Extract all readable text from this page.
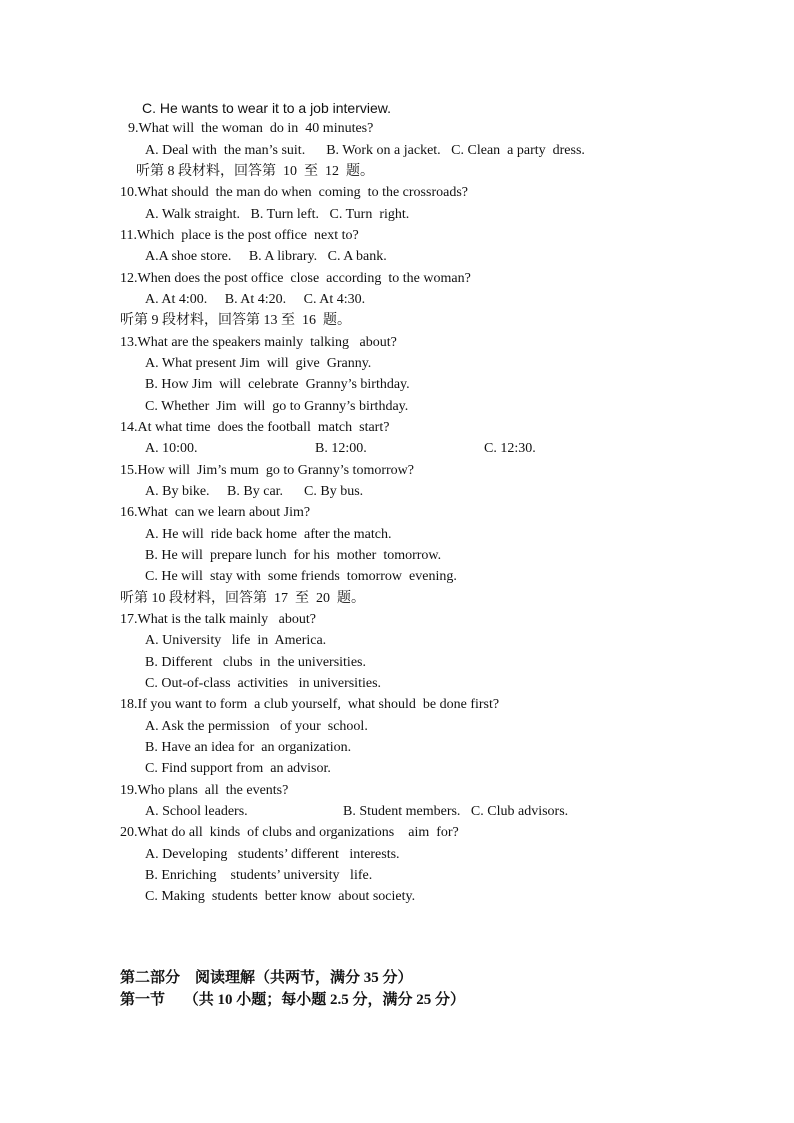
C. He wants to wear it to a job interview.
9.What will  the woman  do in  40 minutes?
A. Deal with  the man’s suit.      B. Work on a jacket.   C. Clean  a party  dress.
听第 8 段材料，回答第  10  至  12  题。
10.What should  the man do when  coming  to the crossroads?
A. Walk straight.   B. Turn left.   C. Turn  right.
11.Which  place is the post office  next to?
A.A shoe store.     B. A library.   C. A bank.
12.When does the post office  close  according  to the woman?
A. At 4:00.     B. At 4:20.     C. At 4:30.
听第 9 段材料，回答第 13 至  16  题。
13.What are the speakers mainly  talking   about?
A. What present Jim  will  give  Granny.
B. How Jim  will  celebrate  Granny’s birthday.
C. Whether  Jim  will  go to Granny’s birthday.
14.At what time  does the football  match  start?
A. 10:00.	B. 12:00.	C. 12:30.
15.How will  Jim’s mum  go to Granny’s tomorrow?
A. By bike.     B. By car.      C. By bus.
16.What  can we learn about Jim?
A. He will  ride back home  after the match.
B. He will  prepare lunch  for his  mother  tomorrow.
C. He will  stay with  some friends  tomorrow  evening.
听第 10 段材料，回答第  17  至  20  题。
17.What is the talk mainly   about?
A. University   life  in  America.
B. Different   clubs  in  the universities.
C. Out-of-class  activities   in universities.
18.If you want to form  a club yourself,  what should  be done first?
A. Ask the permission   of your  school.
B. Have an idea for  an organization.
C. Find support from  an advisor.
19.Who plans  all  the events?
A. School leaders.	B. Student members.   C. Club advisors.
20.What do all  kinds  of clubs and organizations    aim  for?
A. Developing   students’ different   interests.
B. Enriching    students’ university   life.
C. Making  students  better know  about society.
第二部分    阅读理解（共两节，满分 35 分）
第一节     （共 10 小题；每小题 2.5 分，满分 25 分）
